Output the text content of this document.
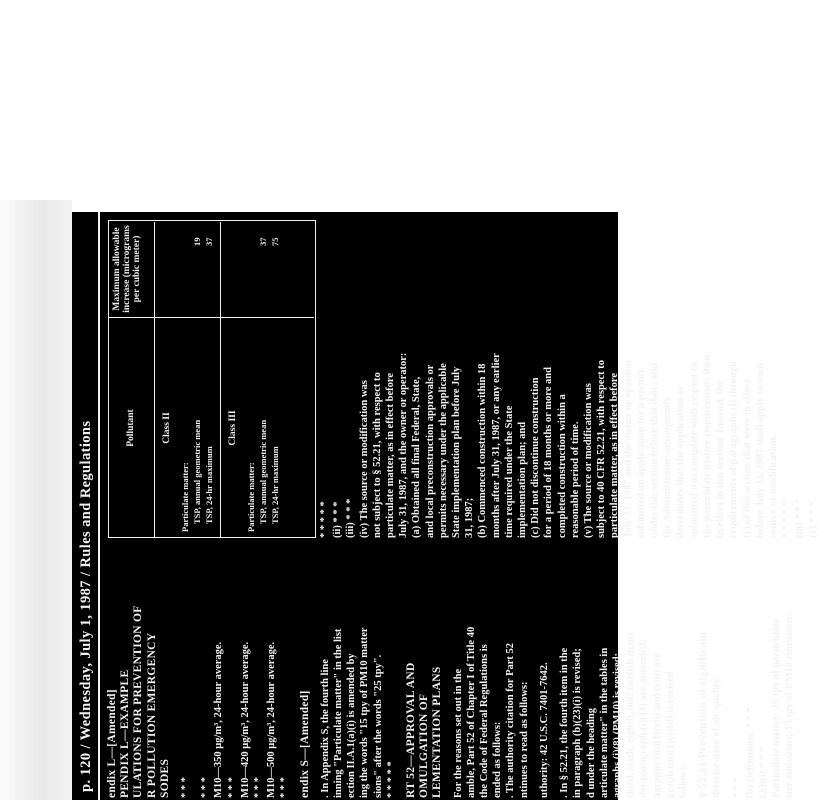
p. 120 / Wednesday, July 1, 1987 / Rules and Regulations	endix L—[Amended] PENDIX L—EXAMPLE ULATIONS FOR PREVENTION OF R POLLUTION EMERGENCY SODES * * * * * * M10—350 μg/m³, 24-hour average. * * * M10—420 μg/m³, 24-hour average. * * * M10—500 μg/m³, 24-hour average. * * * endix S—[Amended] . In Appendix S, the fourth line inning "Particulate matter" in the list ection II.A.1(a)(i) is amended by ing the words "15 tpy of PM10 matter sions" after the words "25 tpy". * * * * * RT 52—APPROVAL AND OMULGATION OF LEMENTATION PLANS For the reasons set out in the amble, Part 52 of Chapter I of Title 40 the Code of Federal Regulations is ended as follows: . The authority citation for Part 52 ntinues to read as follows: uthority: 42 U.S.C. 7401-7642. . In § 52.21, the fourth item in the in paragraph (b)(23)(i) is revised; d under the heading articulate matter" in the tables in agraphs (i)(8) (PM10) is revised; third, sixth, eighth, and twelfth items der paragraph (i)(11) are amended; agraphs (m)(1)(vii) and (viii) are graph (m)(1)(v)(d) is revised follows: § 52.21 Prevention of significant deterioration of air quality. * * * (b) Definitions. * * * (23)(i) * * * Particulate matter: 25 tpy of particulate tter emissions; 15 tpy of PM10 emissions.
Pollutant
Maximum allowable increase (micrograms per cubic meter)
Class II
Particulate matter: TSP, annual geometric mean
19
TSP, 24-hr maximum
37
Class III
Particulate matter: TSP, annual geometric mean
37
TSP, 24-hr maximum
75
* * * * * (ii) * * * (iii) * * * (iv) The source or modification was not subject to § 52.21, with respect to particulate matter, as in effect before July 31, 1987, and the owner or operator: (a) Obtained all final Federal, State, and local preconstruction approvals or permits necessary under the applicable State implementation plan before July 31, 1987; (b) Commenced construction within 18 months after July 31, 1987, or any earlier time required under the State implementation plan; and (c) Did not discontinue construction for a period of 18 months or more and completed construction within a reasonable period of time. (v) The source or modification was subject to 40 CFR 52.21, with respect to particulate matter, as in effect before July 31, 1987 and the owner or operator submitted an application for a permit under this section before that date, and the Administrator subsequently determines that the application as submitted was complete with respect to the particulate matter requirements then in effect in this section. Instead, the requirements of paragraphs (l) through (r) of this section that were in effect before July 31, 1987 shall apply to such source or modification. * * * * * (m) * * * (1) * * *
